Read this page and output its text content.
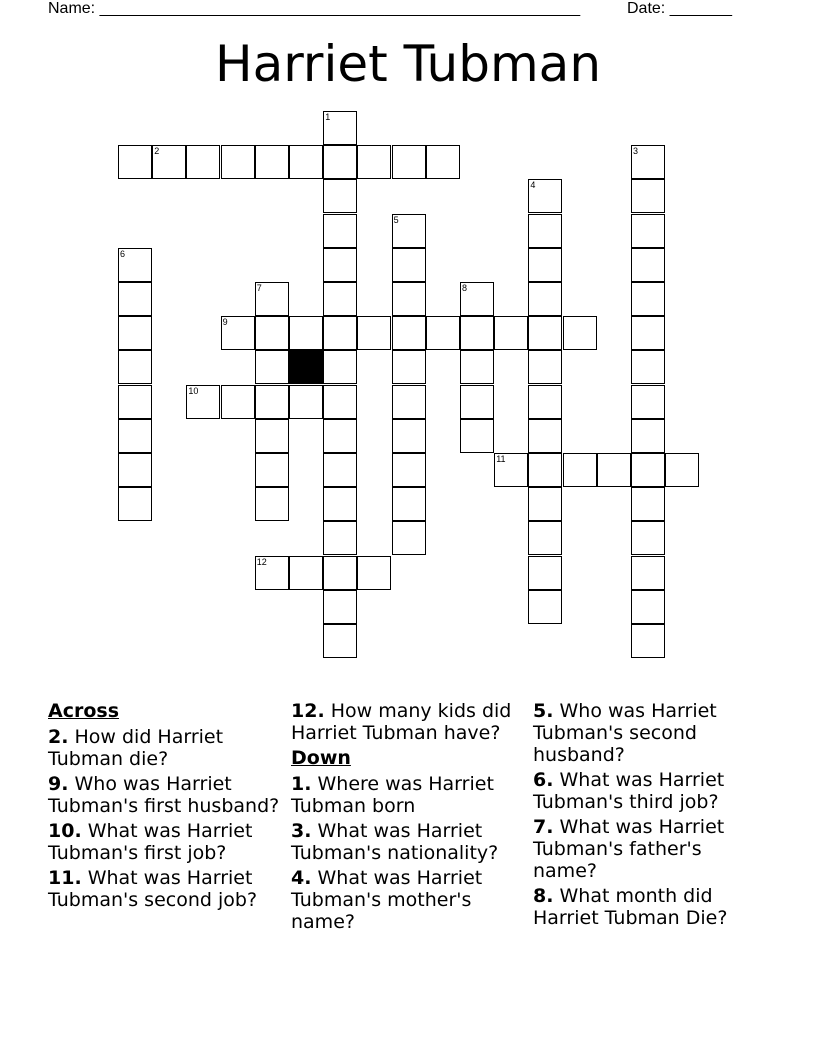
Name: ______________________________________________________	Date: _______
Harriet Tubman
1
2	3
4
5
6
7	8
9
10
11
12

Across

2. How did Harriet Tubman die?

9. Who was Harriet Tubman's first husband?

10. What was Harriet Tubman's first job?

11. What was Harriet Tubman's second job?

12. How many kids did Harriet Tubman have?

Down

1. Where was Harriet Tubman born

3. What was Harriet Tubman's nationality?

4. What was Harriet Tubman's mother's name?

5. Who was Harriet Tubman's second husband?

6. What was Harriet Tubman's third job?

7. What was Harriet Tubman's father's name?

8. What month did Harriet Tubman Die?
